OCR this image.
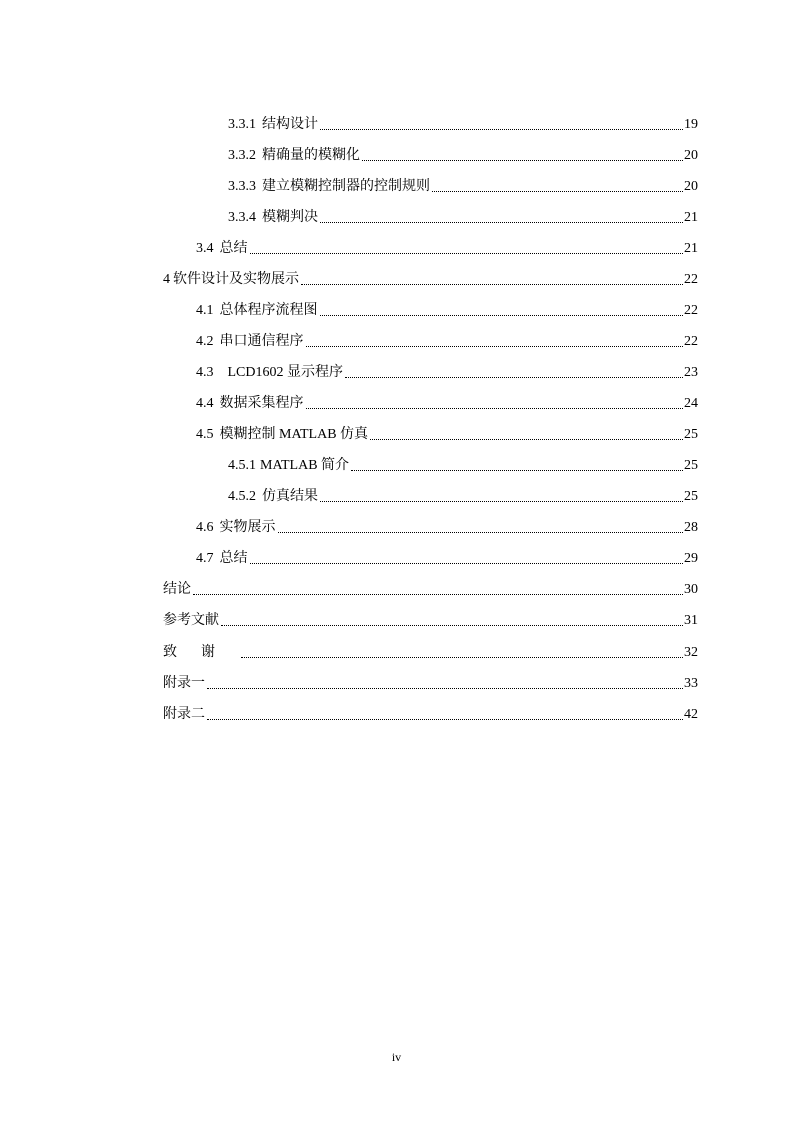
3.3.1 结构设计	19
3.3.2 精确量的模糊化	20
3.3.3 建立模糊控制器的控制规则	20
3.3.4 模糊判决	21
3.4 总结	21
4 软件设计及实物展示	22
4.1 总体程序流程图	22
4.2 串口通信程序	22
4.3 LCD1602 显示程序	23
4.4 数据采集程序	24
4.5 模糊控制 MATLAB 仿真	25
4.5.1 MATLAB 简介	25
4.5.2 仿真结果	25
4.6 实物展示	28
4.7 总结	29
结论	30
参考文献	31
致谢	32
附录一	33
附录二	42
iv
